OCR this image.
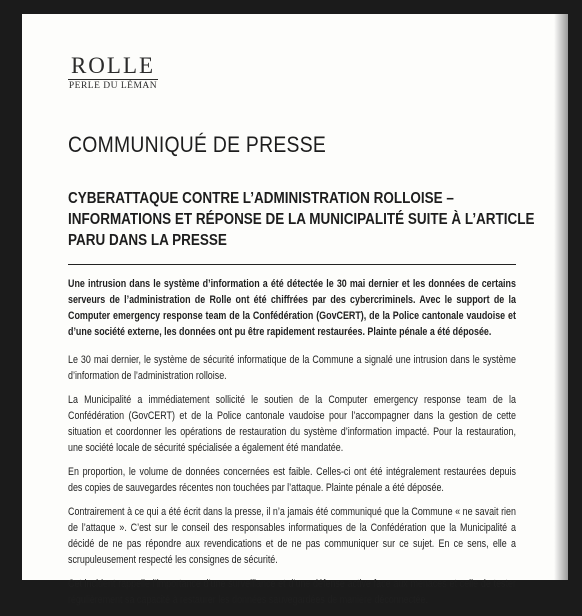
ROLLE
PERLE DU LÉMAN
COMMUNIQUÉ DE PRESSE
CYBERATTAQUE CONTRE L’ADMINISTRATION ROLLOISE – INFORMATIONS ET RÉPONSE DE LA MUNICIPALITÉ SUITE À L’ARTICLE PARU DANS LA PRESSE

Une intrusion dans le système d’information a été détectée le 30 mai dernier et les données de certains serveurs de l’administration de Rolle ont été chiffrées par des cybercriminels. Avec le support de la Computer emergency response team de la Confédération (GovCERT), de la Police cantonale vaudoise et d’une société externe, les données ont pu être rapidement restaurées. Plainte pénale a été déposée.

Le 30 mai dernier, le système de sécurité informatique de la Commune a signalé une intrusion dans le système d’information de l’administration rolloise.

La Municipalité a immédiatement sollicité le soutien de la Computer emergency response team de la Confédération (GovCERT) et de la Police cantonale vaudoise pour l’accompagner dans la gestion de cette situation et coordonner les opérations de restauration du système d’information impacté. Pour la restauration, une société locale de sécurité spécialisée a également été mandatée.

En proportion, le volume de données concernées est faible. Celles-ci ont été intégralement restaurées depuis des copies de sauvegardes récentes non touchées par l’attaque. Plainte pénale a été déposée.

Contrairement à ce qui a été écrit dans la presse, il n’a jamais été communiqué que la Commune « ne savait rien de l’attaque ». C’est sur le conseil des responsables informatiques de la Confédération que la Municipalité a décidé de ne pas répondre aux revendications et de ne pas communiquer sur ce sujet. En ce sens, elle a scrupuleusement respecté les consignes de sécurité.

Cet incident rappelle l’importance d’une surveillance et d’une défense active face aux menaces et celle de tester régulièrement sa capacité à restaurer les données sauvegardées de manière déconnectée.
